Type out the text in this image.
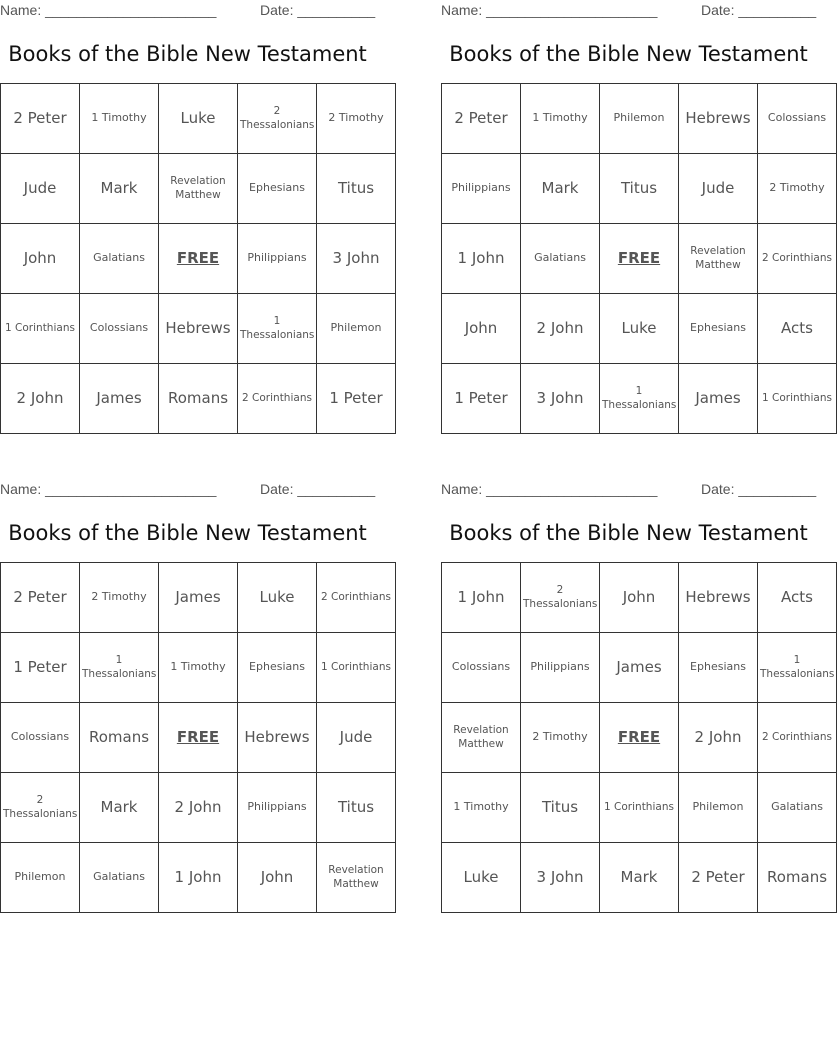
Name: ______________________	Date: __________
Books of the Bible New Testament
2 Peter	1 Timothy	Luke	2 Thessalonians	2 Timothy
Jude	Mark	Revelation Matthew	Ephesians	Titus
John	Galatians	FREE	Philippians	3 John
1 Corinthians	Colossians	Hebrews	1 Thessalonians	Philemon
2 John	James	Romans	2 Corinthians	1 Peter
Name: ______________________	Date: __________
Books of the Bible New Testament
2 Peter	1 Timothy	Philemon	Hebrews	Colossians
Philippians	Mark	Titus	Jude	2 Timothy
1 John	Galatians	FREE	Revelation Matthew	2 Corinthians
John	2 John	Luke	Ephesians	Acts
1 Peter	3 John	1 Thessalonians	James	1 Corinthians
Name: ______________________	Date: __________
Books of the Bible New Testament
2 Peter	2 Timothy	James	Luke	2 Corinthians
1 Peter	1 Thessalonians	1 Timothy	Ephesians	1 Corinthians
Colossians	Romans	FREE	Hebrews	Jude
2 Thessalonians	Mark	2 John	Philippians	Titus
Philemon	Galatians	1 John	John	Revelation Matthew
Name: ______________________	Date: __________
Books of the Bible New Testament
1 John	2 Thessalonians	John	Hebrews	Acts
Colossians	Philippians	James	Ephesians	1 Thessalonians
Revelation Matthew	2 Timothy	FREE	2 John	2 Corinthians
1 Timothy	Titus	1 Corinthians	Philemon	Galatians
Luke	3 John	Mark	2 Peter	Romans
